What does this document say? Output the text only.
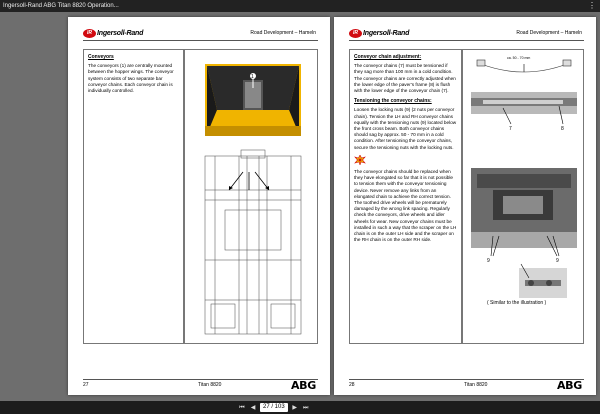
Ingersoll-Rand ABG Titan 8820 Operation...	⋮
IR Ingersoll-Rand	Road Development – Hameln
Conveyors

The conveyors (1) are centrally mounted between the hopper wings. The conveyor system consists of two separate bar conveyor chains. Each conveyor chain is individually controlled.

1
27	Titan 8820	ABG
IR Ingersoll-Rand	Road Development – Hameln
Conveyor chain adjustment:

The conveyor chains (7) must be tensioned if they sag more than 100 mm in a cold condition. The conveyor chains are correctly adjusted when the lower edge of the paver's frame (8) is flush with the lower edge of the conveyor chain (7).

Tensioning the conveyor chains:

Loosen the locking nuts (9) (2 nuts per conveyor chain). Tension the LH and RH conveyor chains equally with the tensioning nuts (9) located below the front cross beam. Both conveyor chains should sag by approx. 50 - 70 mm in a cold condition. After tensioning the conveyor chains, secure the tensioning nuts with the locking nuts.

The conveyor chains should be replaced when they have elongated so far that it is not possible to tension them with the conveyor tensioning device. Never remove any links from an elongated chain to achieve the correct tension. The toothed drive wheels will be prematurely damaged by the wrong link spacing. Regularly check the conveyors, drive wheels and idler wheels for wear. New conveyor chains must be installed in such a way that the scraper on the LH chain is on the outer LH side and the scraper on the RH chain is on the outer RH side.

ca. 50 - 70 mm
7	8
9	9
( Similar to the illustration )
28	Titan 8820	ABG
⏮ ◀	27 / 103	▶ ⏭
